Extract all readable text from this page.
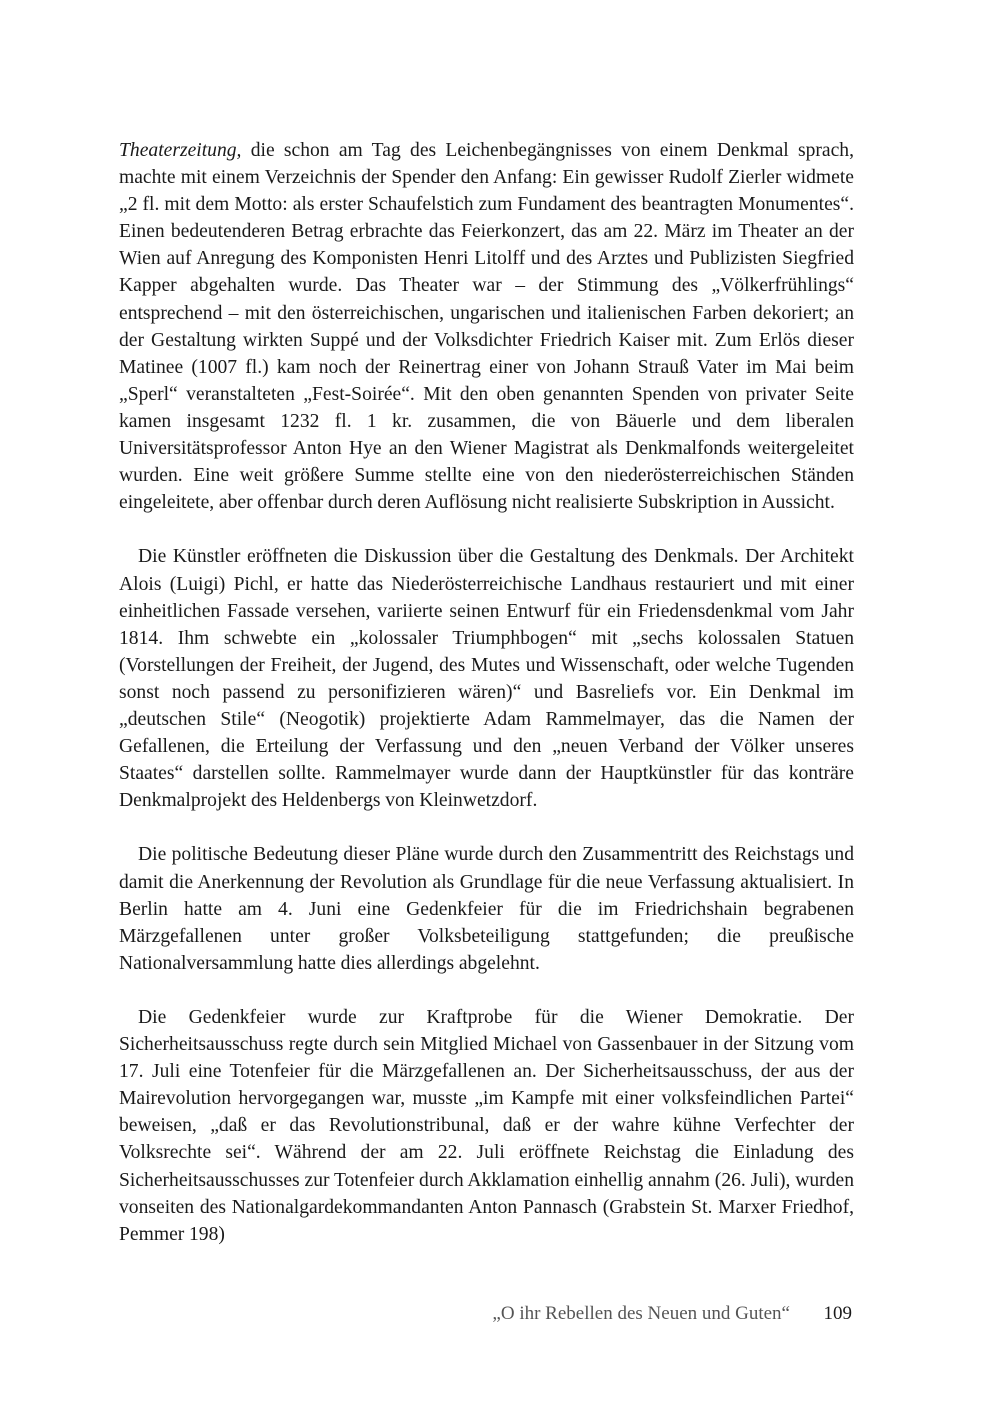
Theaterzeitung, die schon am Tag des Leichenbegängnisses von einem Denkmal sprach, machte mit einem Verzeichnis der Spender den Anfang: Ein gewisser Rudolf Zierler widmete „2 fl. mit dem Motto: als erster Schaufelstich zum Fundament des beantragten Monumentes“. Einen bedeutenderen Betrag erbrachte das Feierkonzert, das am 22. März im Theater an der Wien auf Anregung des Komponisten Henri Litolff und des Arztes und Publizisten Siegfried Kapper abgehalten wurde. Das Theater war – der Stimmung des „Völkerfrühlings“ entsprechend – mit den österreichischen, ungarischen und italienischen Farben dekoriert; an der Gestaltung wirkten Suppé und der Volksdichter Friedrich Kaiser mit. Zum Erlös dieser Matinee (1007 fl.) kam noch der Reinertrag einer von Johann Strauß Vater im Mai beim „Sperl“ veranstalteten „Fest-Soirée“. Mit den oben genannten Spenden von privater Seite kamen insgesamt 1232 fl. 1 kr. zusammen, die von Bäuerle und dem liberalen Universitätsprofessor Anton Hye an den Wiener Magistrat als Denkmalfonds weitergeleitet wurden. Eine weit größere Summe stellte eine von den niederösterreichischen Ständen eingeleitete, aber offenbar durch deren Auflösung nicht realisierte Subskription in Aussicht.

Die Künstler eröffneten die Diskussion über die Gestaltung des Denkmals. Der Architekt Alois (Luigi) Pichl, er hatte das Niederösterreichische Landhaus restauriert und mit einer einheitlichen Fassade versehen, variierte seinen Entwurf für ein Friedensdenkmal vom Jahr 1814. Ihm schwebte ein „kolossaler Triumphbogen“ mit „sechs kolossalen Statuen (Vorstellungen der Freiheit, der Jugend, des Mutes und Wissenschaft, oder welche Tugenden sonst noch passend zu personifizieren wären)“ und Basreliefs vor. Ein Denkmal im „deutschen Stile“ (Neogotik) projektierte Adam Rammelmayer, das die Namen der Gefallenen, die Erteilung der Verfassung und den „neuen Verband der Völker unseres Staates“ darstellen sollte. Rammelmayer wurde dann der Hauptkünstler für das konträre Denkmalprojekt des Heldenbergs von Kleinwetzdorf.

Die politische Bedeutung dieser Pläne wurde durch den Zusammentritt des Reichstags und damit die Anerkennung der Revolution als Grundlage für die neue Verfassung aktualisiert. In Berlin hatte am 4. Juni eine Gedenkfeier für die im Friedrichshain begrabenen Märzgefallenen unter großer Volksbeteiligung stattgefunden; die preußische Nationalversammlung hatte dies allerdings abgelehnt.

Die Gedenkfeier wurde zur Kraftprobe für die Wiener Demokratie. Der Sicherheitsausschuss regte durch sein Mitglied Michael von Gassenbauer in der Sitzung vom 17. Juli eine Totenfeier für die Märzgefallenen an. Der Sicherheitsausschuss, der aus der Mairevolution hervorgegangen war, musste „im Kampfe mit einer volksfeindlichen Partei“ beweisen, „daß er das Revolutionstribunal, daß er der wahre kühne Verfechter der Volksrechte sei“. Während der am 22. Juli eröffnete Reichstag die Einladung des Sicherheitsausschusses zur Totenfeier durch Akklamation einhellig annahm (26. Juli), wurden vonseiten des Nationalgardekommandanten Anton Pannasch (Grabstein St. Marxer Friedhof, Pemmer 198)

„O ihr Rebellen des Neuen und Guten“ 109
